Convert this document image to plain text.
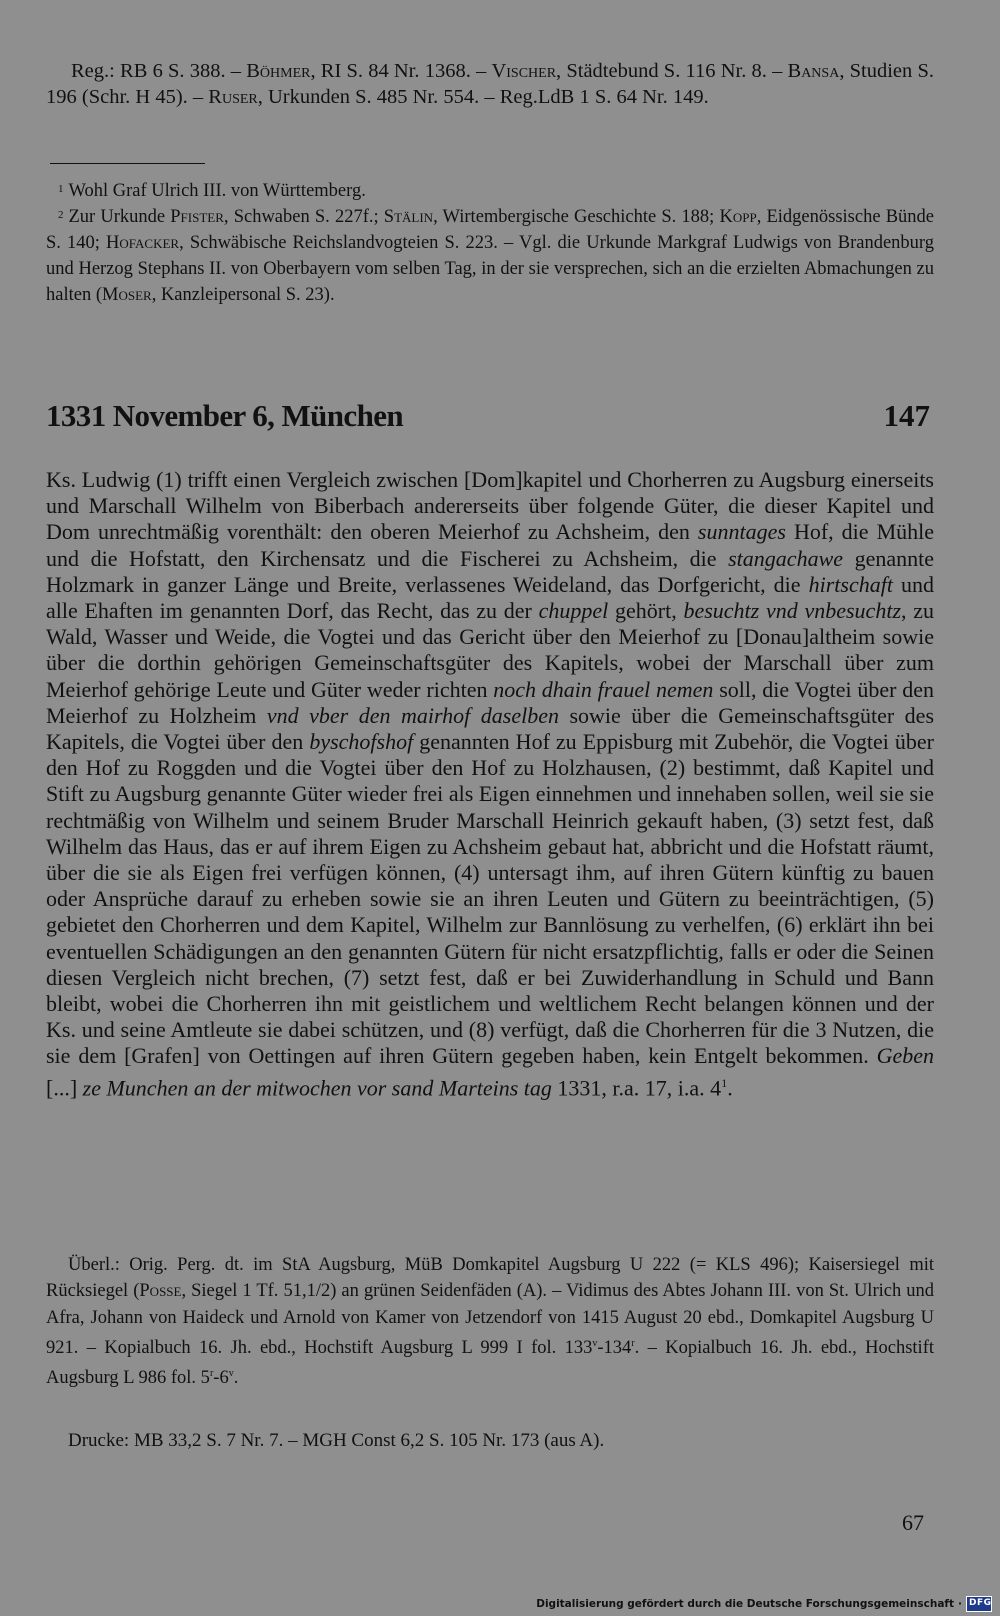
Reg.: RB 6 S. 388. – Böhmer, RI S. 84 Nr. 1368. – Vischer, Städtebund S. 116 Nr. 8. – Bansa, Studien S. 196 (Schr. H 45). – Ruser, Urkunden S. 485 Nr. 554. – Reg.LdB 1 S. 64 Nr. 149.

$^1$ Wohl Graf Ulrich III. von Württemberg.

$^2$ Zur Urkunde Pfister, Schwaben S. 227f.; Stälin, Wirtembergische Geschichte S. 188; Kopp, Eidgenössische Bünde S. 140; Hofacker, Schwäbische Reichslandvogteien S. 223. – Vgl. die Urkunde Markgraf Ludwigs von Brandenburg und Herzog Stephans II. von Oberbayern vom selben Tag, in der sie versprechen, sich an die erzielten Abmachungen zu halten (Moser, Kanzleipersonal S. 23).

1331 November 6, München	147

Ks. Ludwig (1) trifft einen Vergleich zwischen [Dom]kapitel und Chorherren zu Augsburg einerseits und Marschall Wilhelm von Biberbach andererseits über folgende Güter, die dieser Kapitel und Dom unrechtmäßig vorenthält: den oberen Meierhof zu Achsheim, den sunntages Hof, die Mühle und die Hofstatt, den Kirchensatz und die Fischerei zu Achsheim, die stangachawe genannte Holzmark in ganzer Länge und Breite, verlassenes Weideland, das Dorfgericht, die hirtschaft und alle Ehaften im genannten Dorf, das Recht, das zu der chuppel gehört, besuchtz vnd vnbesuchtz, zu Wald, Wasser und Weide, die Vogtei und das Gericht über den Meierhof zu [Donau]altheim sowie über die dorthin gehörigen Gemeinschaftsgüter des Kapitels, wobei der Marschall über zum Meierhof gehörige Leute und Güter weder richten noch dhain frauel nemen soll, die Vogtei über den Meierhof zu Holzheim vnd vber den mairhof daselben sowie über die Gemeinschaftsgüter des Kapitels, die Vogtei über den byschofshof genannten Hof zu Eppisburg mit Zubehör, die Vogtei über den Hof zu Roggden und die Vogtei über den Hof zu Holzhausen, (2) bestimmt, daß Kapitel und Stift zu Augsburg genannte Güter wieder frei als Eigen einnehmen und innehaben sollen, weil sie sie rechtmäßig von Wilhelm und seinem Bruder Marschall Heinrich gekauft haben, (3) setzt fest, daß Wilhelm das Haus, das er auf ihrem Eigen zu Achsheim gebaut hat, abbricht und die Hofstatt räumt, über die sie als Eigen frei verfügen können, (4) untersagt ihm, auf ihren Gütern künftig zu bauen oder Ansprüche darauf zu erheben sowie sie an ihren Leuten und Gütern zu beeinträchtigen, (5) gebietet den Chorherren und dem Kapitel, Wilhelm zur Bannlösung zu verhelfen, (6) erklärt ihn bei eventuellen Schädigungen an den genannten Gütern für nicht ersatzpflichtig, falls er oder die Seinen diesen Vergleich nicht brechen, (7) setzt fest, daß er bei Zuwiderhandlung in Schuld und Bann bleibt, wobei die Chorherren ihn mit geistlichem und weltlichem Recht belangen können und der Ks. und seine Amtleute sie dabei schützen, und (8) verfügt, daß die Chorherren für die 3 Nutzen, die sie dem [Grafen] von Oettingen auf ihren Gütern gegeben haben, kein Entgelt bekommen. Geben [...] ze Munchen an der mitwochen vor sand Marteins tag 1331, r.a. 17, i.a. $4^1$.

Überl.: Orig. Perg. dt. im StA Augsburg, MüB Domkapitel Augsburg U 222 (= KLS 496); Kaisersiegel mit Rücksiegel (Posse, Siegel 1 Tf. 51,1/2) an grünen Seidenfäden (A). – Vidimus des Abtes Johann III. von St. Ulrich und Afra, Johann von Haideck und Arnold von Kamer von Jetzendorf von 1415 August 20 ebd., Domkapitel Augsburg U 921. – Kopialbuch 16. Jh. ebd., Hochstift Augsburg L 999 I fol. 133$^v$-134$^r$. – Kopialbuch 16. Jh. ebd., Hochstift Augsburg L 986 fol. 5$^r$-6$^v$.

Drucke: MB 33,2 S. 7 Nr. 7. – MGH Const 6,2 S. 105 Nr. 173 (aus A).

67
Digitalisierung gefördert durch die Deutsche Forschungsgemeinschaft · DFG
